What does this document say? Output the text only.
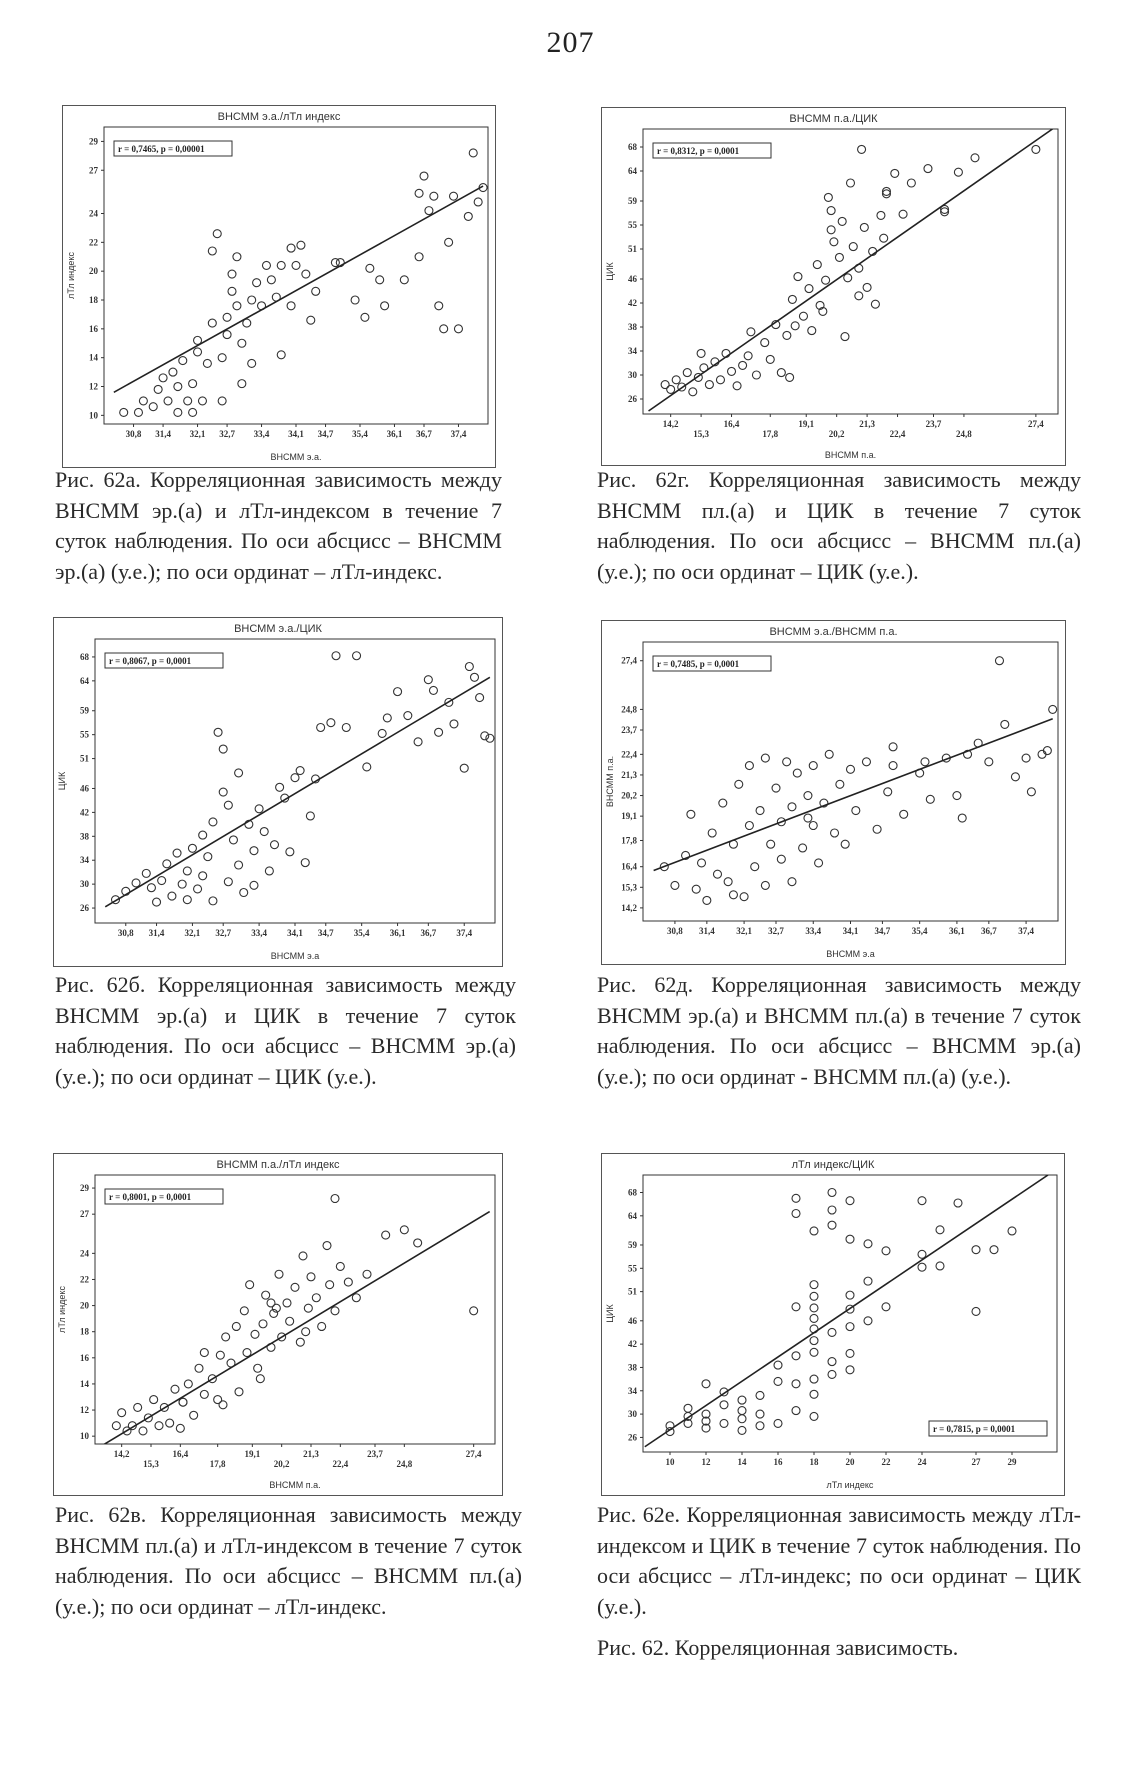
207
ВНСММ э.а./лТл индекс
30,8 31,4 32,1 32,7 33,4 34,1 34,7 35,4 36,1 36,7 37,4
29
27
24
22
20
18
16
14
12
10
ВНСММ э.а.
лТл индекс
r = 0,7465, p = 0,00001
Рис. 62а. Корреляционная зависимость между ВНСММ эр.(а) и лТл-индексом в течение 7 суток наблюдения. По оси абсцисс – ВНСММ эр.(а) (у.е.); по оси ординат – лТл-индекс.
ВНСММ п.а./ЦИК
14,2
15,3
16,4
17,8
19,1
20,2
21,3
22,4
23,7
24,8
27,4
68
64
59
55
51
46
42
38
34
30
26
ВНСММ п.а.
ЦИК
r = 0,8312, p = 0,0001
Рис. 62г. Корреляционная зависимость между ВНСММ пл.(а) и ЦИК в течение 7 суток наблюдения. По оси абсцисс – ВНСММ пл.(а) (у.е.); по оси ординат – ЦИК (у.е.).
ВНСММ э.а./ЦИК
30,8 31,4 32,1 32,7 33,4 34,1 34,7 35,4 36,1 36,7 37,4
68
64
59
55
51
46
42
38
34
30
26
ВНСММ э.а
ЦИК
r = 0,8067, p = 0,0001
Рис. 62б. Корреляционная зависимость между ВНСММ эр.(а) и ЦИК в течение 7 суток наблюдения. По оси абсцисс – ВНСММ эр.(а) (у.е.); по оси ординат – ЦИК (у.е.).
ВНСММ э.а./ВНСММ п.а.
30,8 31,4 32,1 32,7 33,4 34,1 34,7 35,4 36,1 36,7 37,4
27,4
24,8
23,7
22,4
21,3
20,2
19,1
17,8
16,4
15,3
14,2
ВНСММ э.а
ВНСММ п.а.
r = 0,7485, p = 0,0001
Рис. 62д. Корреляционная зависимость между ВНСММ эр.(а) и ВНСММ пл.(а) в течение 7 суток наблюдения. По оси абсцисс – ВНСММ эр.(а) (у.е.); по оси ординат - ВНСММ пл.(а) (у.е.).
ВНСММ п.а./лТл индекс
14,2
15,3
16,4
17,8
19,1
20,2
21,3
22,4
23,7
24,8
27,4
29
27
24
22
20
18
16
14
12
10
ВНСММ п.а.
лТл индекс
r = 0,8001, p = 0,0001
Рис. 62в. Корреляционная зависимость между ВНСММ пл.(а) и лТл-индексом в течение 7 суток наблюдения. По оси абсцисс – ВНСММ пл.(а) (у.е.); по оси ординат – лТл-индекс.
лТл индекс/ЦИК
10	12	14	16	18	20	22	24	27	29
68
64
59
55
51
46
42
38
34
30
26
лТл индекс
ЦИК
r = 0,7815, p = 0,0001
Рис. 62е. Корреляционная зависимость между лТл-индексом и ЦИК в течение 7 суток наблюдения. По оси абсцисс – лТл-индекс; по оси ординат – ЦИК (у.е.).
Рис. 62. Корреляционная зависимость.
